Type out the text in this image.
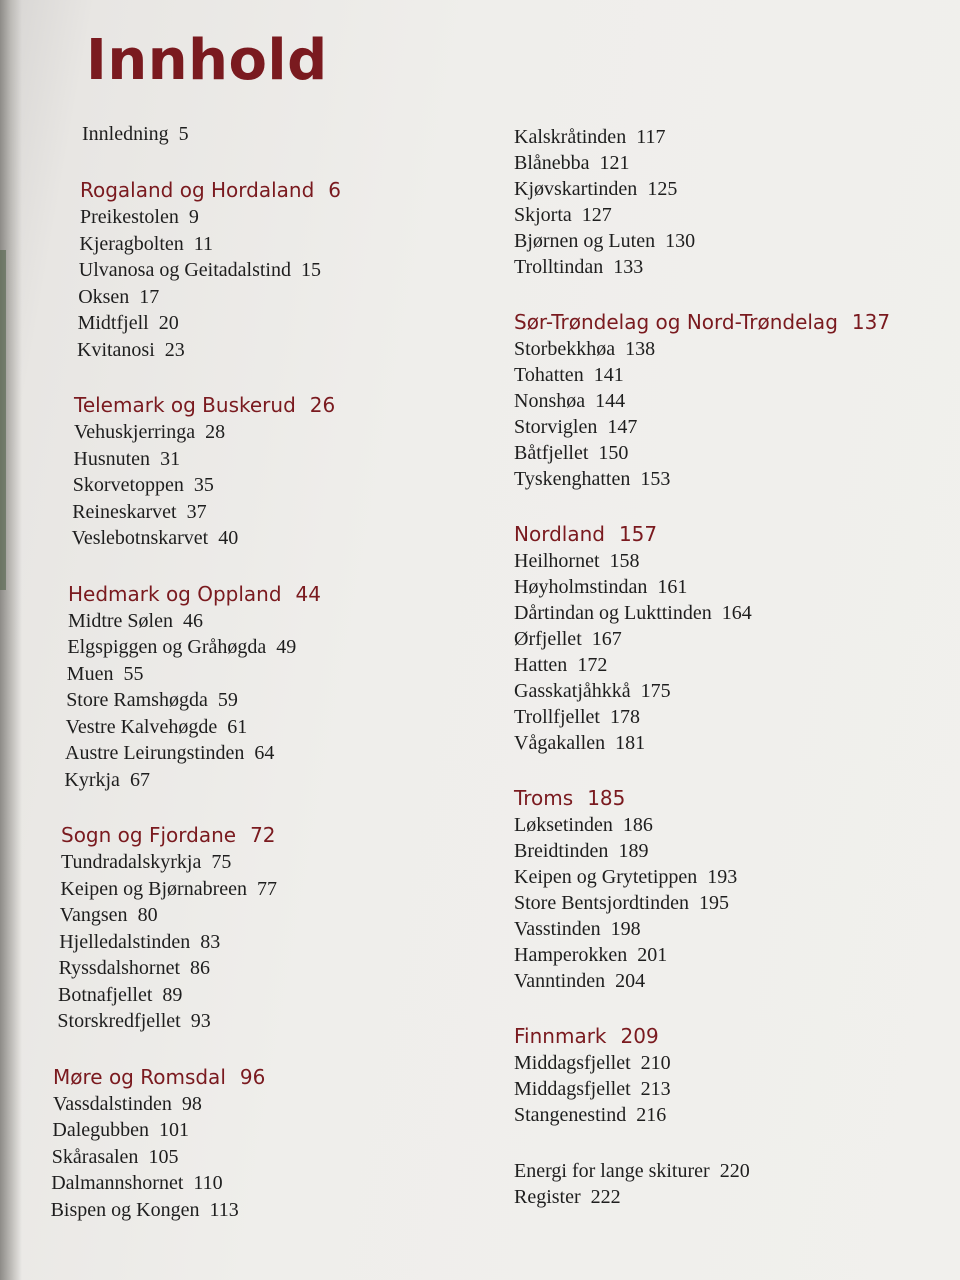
Innhold
Innledning 5
Rogaland og Hordaland 6
Preikestolen 9
Kjeragbolten 11
Ulvanosa og Geitadalstind 15
Oksen 17
Midtfjell 20
Kvitanosi 23
Telemark og Buskerud 26
Vehuskjerringa 28
Husnuten 31
Skorvetoppen 35
Reineskarvet 37
Veslebotnskarvet 40
Hedmark og Oppland 44
Midtre Sølen 46
Elgspiggen og Gråhøgda 49
Muen 55
Store Ramshøgda 59
Vestre Kalvehøgde 61
Austre Leirungstinden 64
Kyrkja 67
Sogn og Fjordane 72
Tundradalskyrkja 75
Keipen og Bjørnabreen 77
Vangsen 80
Hjelledalstinden 83
Ryssdalshornet 86
Botnafjellet 89
Storskredfjellet 93
Møre og Romsdal 96
Vassdalstinden 98
Dalegubben 101
Skårasalen 105
Dalmannshornet 110
Bispen og Kongen 113
Kalskråtinden 117
Blånebba 121
Kjøvskartinden 125
Skjorta 127
Bjørnen og Luten 130
Trolltindan 133
Sør-Trøndelag og Nord-Trøndelag 137
Storbekkhøa 138
Tohatten 141
Nonshøa 144
Storviglen 147
Båtfjellet 150
Tyskenghatten 153
Nordland 157
Heilhornet 158
Høyholmstindan 161
Dårtindan og Lukttinden 164
Ørfjellet 167
Hatten 172
Gasskatjåhkkå 175
Trollfjellet 178
Vågakallen 181
Troms 185
Løksetinden 186
Breidtinden 189
Keipen og Grytetippen 193
Store Bentsjordtinden 195
Vasstinden 198
Hamperokken 201
Vanntinden 204
Finnmark 209
Middagsfjellet 210
Middagsfjellet 213
Stangenestind 216
Energi for lange skiturer 220
Register 222
